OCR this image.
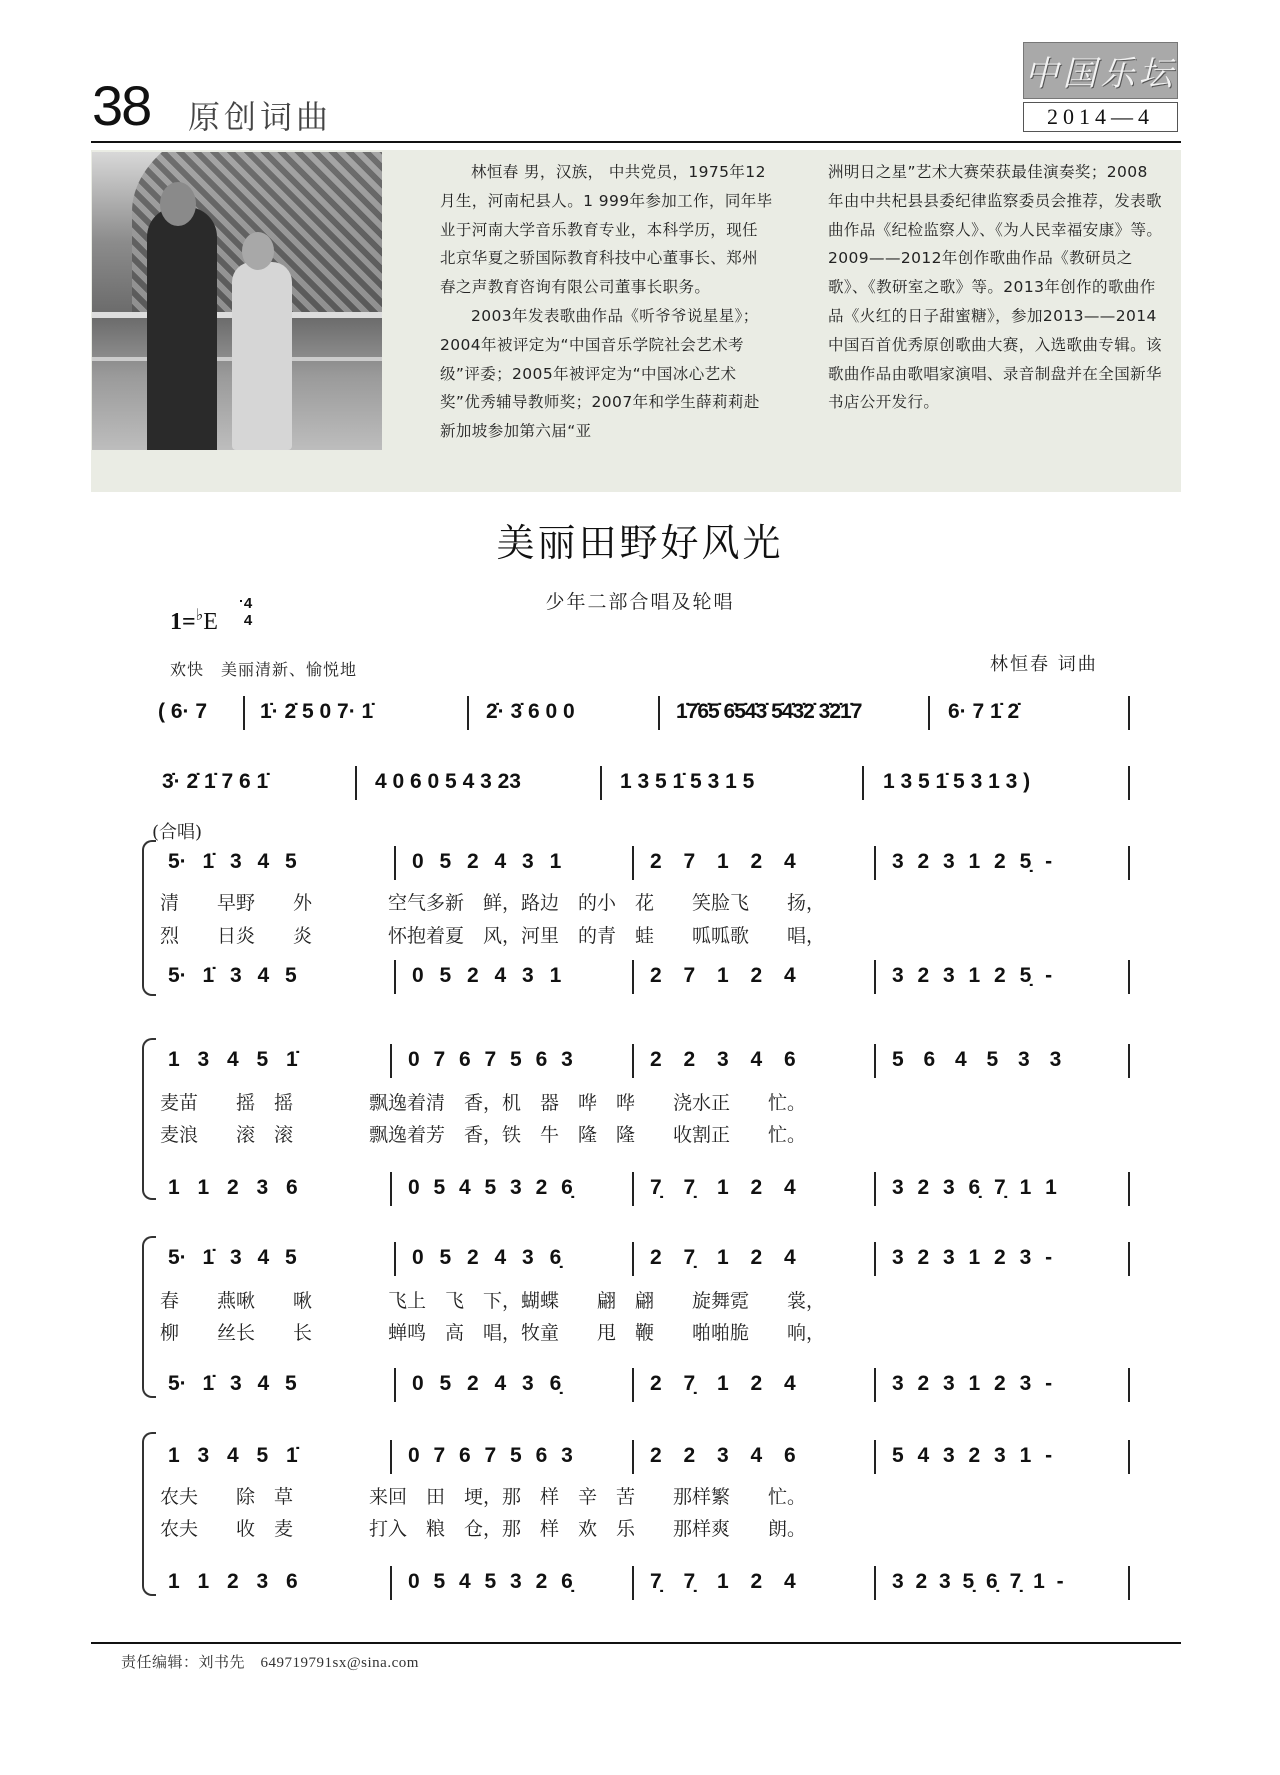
38 原创词曲
中国乐坛
2014—4

林恒春 男，汉族， 中共党员，1975年12月生，河南杞县人。1 999年参加工作，同年毕业于河南大学音乐教育专业，本科学历，现任北京华夏之骄国际教育科技中心董事长、郑州春之声教育咨询有限公司董事长职务。

2003年发表歌曲作品《听爷爷说星星》；2004年被评定为“中国音乐学院社会艺术考级”评委；2005年被评定为“中国冰心艺术奖”优秀辅导教师奖；2007年和学生薛莉莉赴新加坡参加第六届“亚

洲明日之星”艺术大赛荣获最佳演奏奖；2008年由中共杞县县委纪律监察委员会推荐，发表歌曲作品《纪检监察人》、《为人民幸福安康》等。2009——2012年创作歌曲作品《教研员之歌》、《教研室之歌》等。2013年创作的歌曲作品《火红的日子甜蜜糖》，参加2013——2014中国百首优秀原创歌曲大赛，入选歌曲专辑。该歌曲作品由歌唱家演唱、录音制盘并在全国新华书店公开发行。

美丽田野好风光
少年二部合唱及轮唱
1=♭E
4
4
欢快　美丽清新、愉悦地	林恒春 词曲
( 6· 7	1̇· 2̇ 5 0 7· 1̇	2̇· 3̇ 6 0 0	1̇7̇6̇5̇ 6̇5̇4̇3̇ 5̇4̇3̇2̇ 3̇2̇1̇7	6· 7 1̇ 2̇
3̇· 2̇ 1̇ 7 6 1̇	4 0 6 0 5 4 3 23	1 3 5 1̇ 5 3 1 5	1 3 5 1̇ 5 3 1 3 )
(合唱)
5· 1̇ 3 4 5	0 5 2 4 3 1	2 7 1 2 4	3 2 3 1 2 5̣ -
清　　早野　　外　　　　空气多新　鲜，路边　的小　花　　笑脸飞　　扬，
烈　　日炎　　炎　　　　怀抱着夏　风，河里　的青　蛙　　呱呱歌　　唱，
5· 1̇ 3 4 5	0 5 2 4 3 1	2 7 1 2 4	3 2 3 1 2 5̣ -
1 3 4 5 1̇	0 7 6 7 5 6 3	2 2 3 4 6	5 6 4 5 3 3
麦苗　　摇　摇　　　　飘逸着清　香，机　器　哗　哗　　浇水正　　忙。
麦浪　　滚　滚　　　　飘逸着芳　香，铁　牛　隆　隆　　收割正　　忙。
1 1 2 3 6	0 5 4 5 3 2 6̣	7̣ 7̣ 1 2 4	3 2 3 6̣ 7̣ 1 1
5· 1̇ 3 4 5	0 5 2 4 3 6̣	2 7̣ 1 2 4	3 2 3 1 2 3 -
春　　燕啾　　啾　　　　飞上　飞　下，蝴蝶　　翩　翩　　旋舞霓　　裳，
柳　　丝长　　长　　　　蝉鸣　高　唱，牧童　　甩　鞭　　啪啪脆　　响，
5· 1̇ 3 4 5	0 5 2 4 3 6̣	2 7̣ 1 2 4	3 2 3 1 2 3 -
1 3 4 5 1̇	0 7 6 7 5 6 3	2 2 3 4 6	5 4 3 2 3 1 -
农夫　　除　草　　　　来回　田　埂，那　样　辛　苦　　那样繁　　忙。
农夫　　收　麦　　　　打入　粮　仓，那　样　欢　乐　　那样爽　　朗。
1 1 2 3 6	0 5 4 5 3 2 6̣	7̣ 7̣ 1 2 4	3 2 3 5̣ 6̣ 7̣ 1 -
责任编辑：刘书先　649719791sx@sina.com
